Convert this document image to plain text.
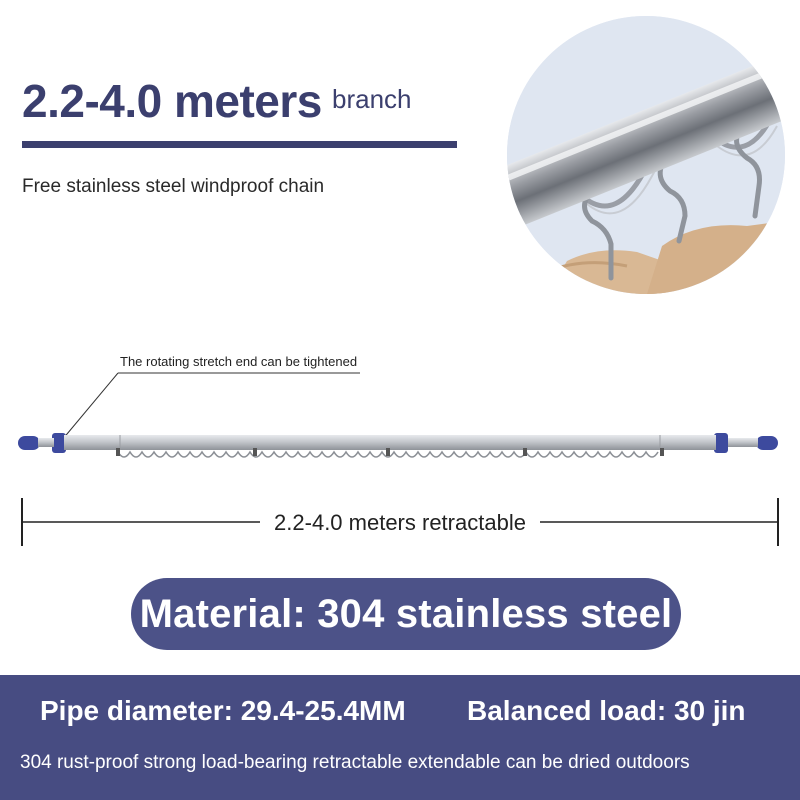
2.2-4.0 meters branch
Free stainless steel windproof chain
The rotating stretch end can be tightened
2.2-4.0 meters retractable
Material: 304 stainless steel
Pipe diameter: 29.4-25.4MM Balanced load: 30 jin
304 rust-proof strong load-bearing retractable extendable can be dried outdoors
